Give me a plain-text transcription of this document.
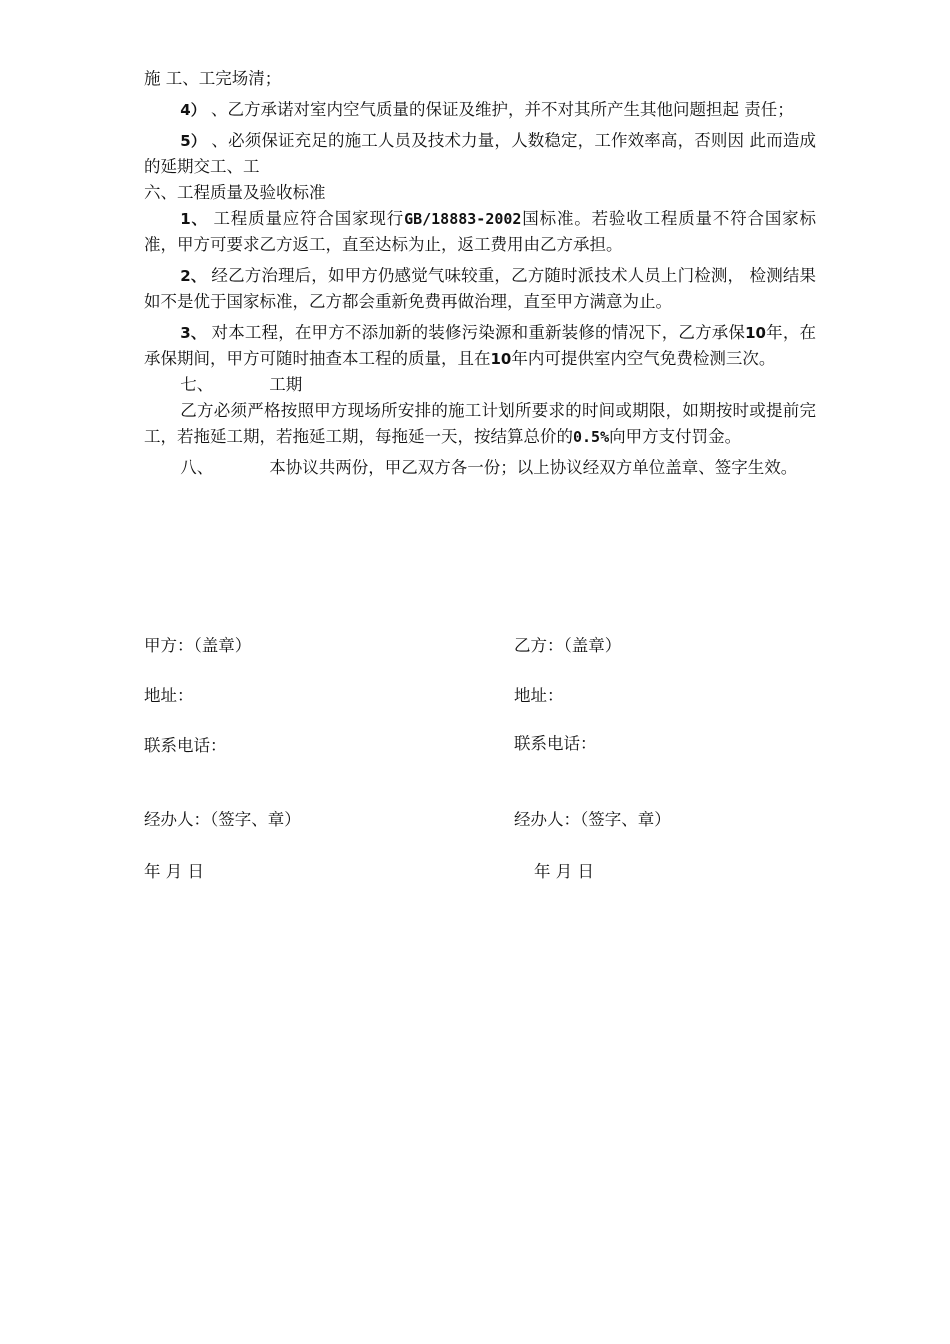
施 工、工完场清；

4） 、乙方承诺对室内空气质量的保证及维护，并不对其所产生其他问题担起 责任；

5） 、必须保证充足的施工人员及技术力量，人数稳定，工作效率高，否则因 此而造成的延期交工、工

六、工程质量及验收标准

1、 工程质量应符合国家现行GB/18883-2002国标准。若验收工程质量不符合国家标准，甲方可要求乙方返工，直至达标为止，返工费用由乙方承担。

2、 经乙方治理后，如甲方仍感觉气味较重，乙方随时派技术人员上门检测， 检测结果如不是优于国家标准，乙方都会重新免费再做治理，直至甲方满意为止。

3、 对本工程，在甲方不添加新的装修污染源和重新装修的情况下，乙方承保10年，在承保期间，甲方可随时抽查本工程的质量，且在10年内可提供室内空气免费检测三次。

七、	工期

乙方必须严格按照甲方现场所安排的施工计划所要求的时间或期限，如期按时或提前完工，若拖延工期，若拖延工期，每拖延一天，按结算总价的0.5%向甲方支付罚金。

八、	本协议共两份，甲乙双方各一份；以上协议经双方单位盖章、签字生效。

甲方：（盖章）
地址：
联系电话：
经办人：（签字、章）
年 月 日
乙方：（盖章）
地址：
联系电话：
经办人：（签字、章）
年 月 日
